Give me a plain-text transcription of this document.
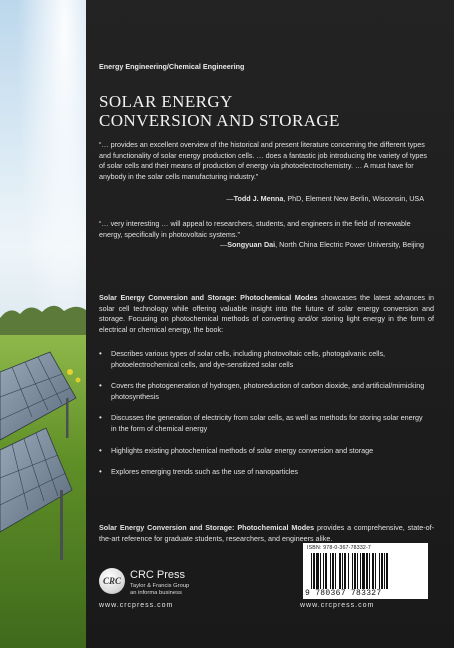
Energy Engineering/Chemical Engineering
SOLAR ENERGY
CONVERSION AND STORAGE
“… provides an excellent overview of the historical and present literature concerning the different types and functionality of solar energy production cells. … does a fantastic job introducing the variety of types of solar cells and their means of production of energy via photoelectrochemistry. … A must have for anybody in the solar cells manufacturing industry.”
—Todd J. Menna, PhD, Element New Berlin, Wisconsin, USA
“… very interesting … will appeal to researchers, students, and engineers in the field of renewable energy, specifically in photovoltaic systems.”
—Songyuan Dai, North China Electric Power University, Beijing
Solar Energy Conversion and Storage: Photochemical Modes showcases the latest advances in solar cell technology while offering valuable insight into the future of solar energy conversion and storage. Focusing on photochemical methods of converting and/or storing light energy in the form of electrical or chemical energy, the book:
• Describes various types of solar cells, including photovoltaic cells, photogalvanic cells, photoelectrochemical cells, and dye-sensitized solar cells
• Covers the photogeneration of hydrogen, photoreduction of carbon dioxide, and artificial/mimicking photosynthesis
• Discusses the generation of electricity from solar cells, as well as methods for storing solar energy in the form of chemical energy
• Highlights existing photochemical methods of solar energy conversion and storage
• Explores emerging trends such as the use of nanoparticles
Solar Energy Conversion and Storage: Photochemical Modes provides a comprehensive, state-of-the-art reference for graduate students, researchers, and engineers alike.
CRC CRC Press
Taylor & Francis Group
an informa business
www.crcpress.com
ISBN: 978-0-367-78332-7
9 780367 783327
www.crcpress.com
